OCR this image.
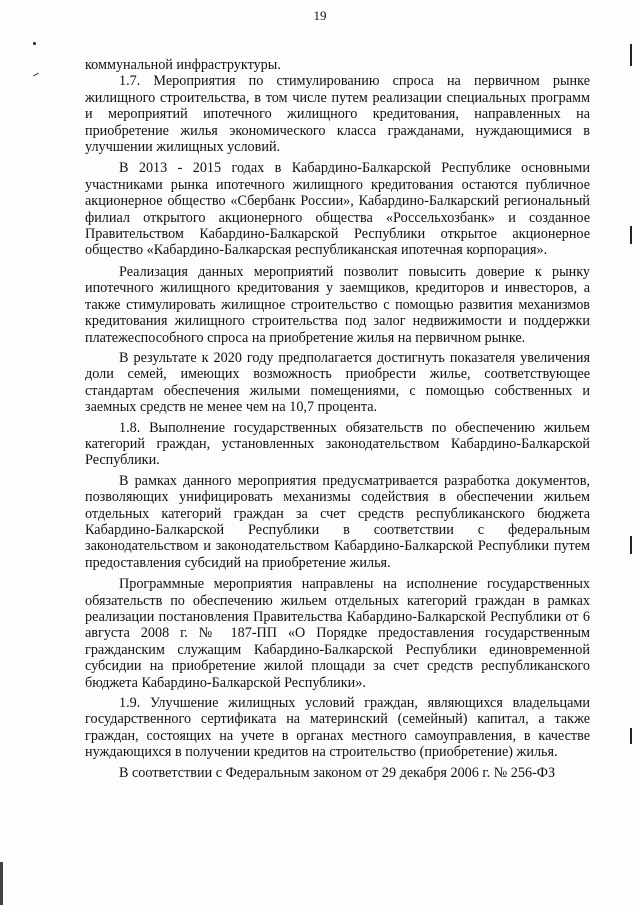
19

коммунальной инфраструктуры.

1.7. Мероприятия по стимулированию спроса на первичном рынке жилищного строительства, в том числе путем реализации специальных программ и мероприятий ипотечного жилищного кредитования, направленных на приобретение жилья экономического класса гражданами, нуждающимися в улучшении жилищных условий.

В 2013 - 2015 годах в Кабардино-Балкарской Республике основными участниками рынка ипотечного жилищного кредитования остаются публичное акционерное общество «Сбербанк России», Кабардино-Балкарский региональный филиал открытого акционерного общества «Россельхозбанк» и созданное Правительством Кабардино-Балкарской Республики открытое акционерное общество «Кабардино-Балкарская республиканская ипотечная корпорация».

Реализация данных мероприятий позволит повысить доверие к рынку ипотечного жилищного кредитования у заемщиков, кредиторов и инвесторов, а также стимулировать жилищное строительство с помощью развития механизмов кредитования жилищного строительства под залог недвижимости и поддержки платежеспособного спроса на приобретение жилья на первичном рынке.

В результате к 2020 году предполагается достигнуть показателя увеличения доли семей, имеющих возможность приобрести жилье, соответствующее стандартам обеспечения жилыми помещениями, с помощью собственных и заемных средств не менее чем на 10,7 процента.

1.8. Выполнение государственных обязательств по обеспечению жильем категорий граждан, установленных законодательством Кабардино-Балкарской Республики.

В рамках данного мероприятия предусматривается разработка документов, позволяющих унифицировать механизмы содействия в обеспечении жильем отдельных категорий граждан за счет средств республиканского бюджета Кабардино-Балкарской Республики в соответствии с федеральным законодательством и законодательством Кабардино-Балкарской Республики путем предоставления субсидий на приобретение жилья.

Программные мероприятия направлены на исполнение государственных обязательств по обеспечению жильем отдельных категорий граждан в рамках реализации постановления Правительства Кабардино-Балкарской Республики от 6 августа 2008 г. № 187-ПП «О Порядке предоставления государственным гражданским служащим Кабардино-Балкарской Республики единовременной субсидии на приобретение жилой площади за счет средств республиканского бюджета Кабардино-Балкарской Республики».

1.9. Улучшение жилищных условий граждан, являющихся владельцами государственного сертификата на материнский (семейный) капитал, а также граждан, состоящих на учете в органах местного самоуправления, в качестве нуждающихся в получении кредитов на строительство (приобретение) жилья.

В соответствии с Федеральным законом от 29 декабря 2006 г. № 256-ФЗ
